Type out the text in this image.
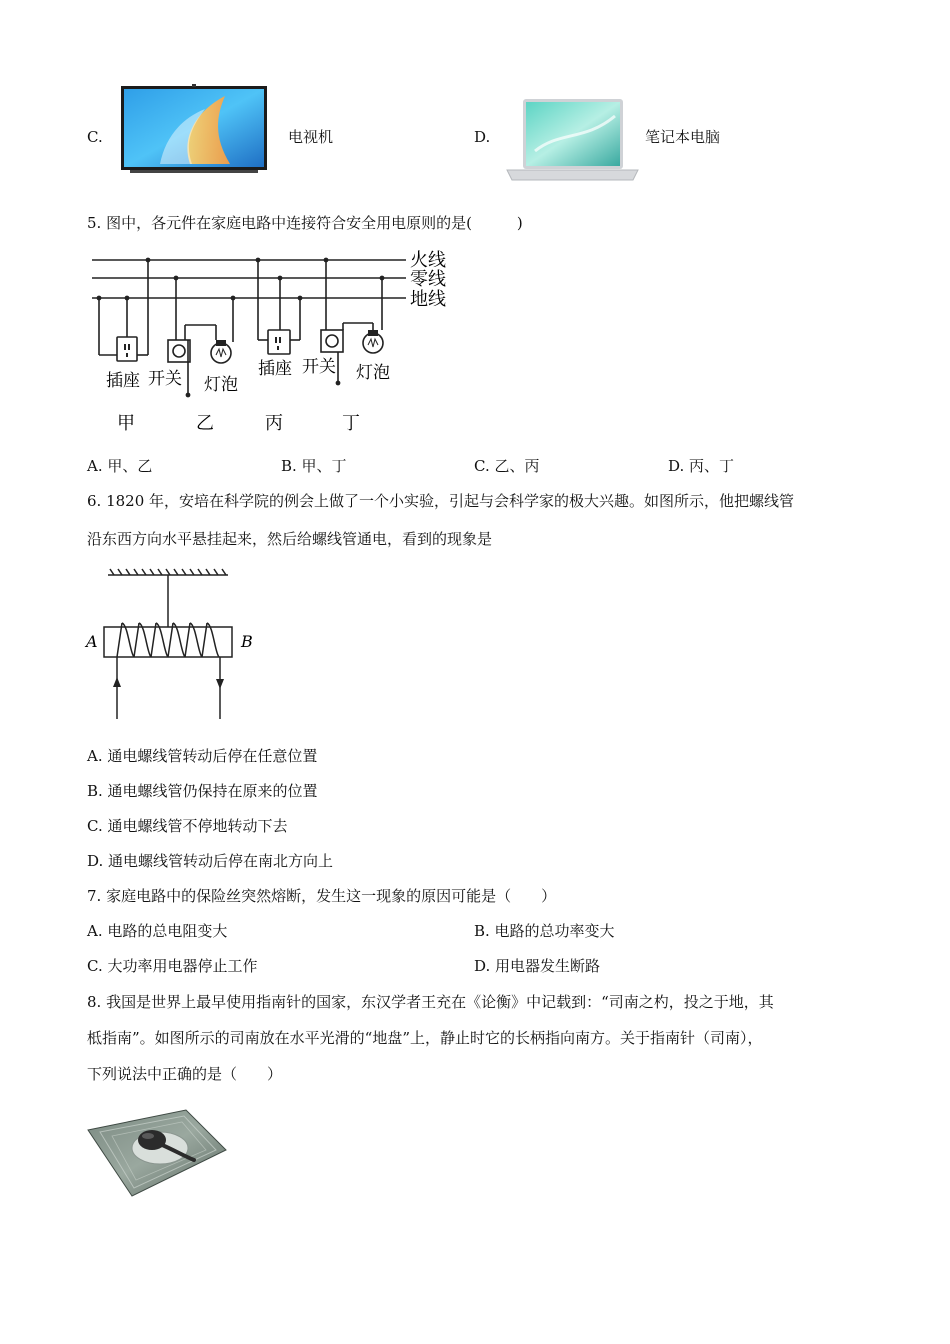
C.	电视机	D.	笔记本电脑
5. 图中，各元件在家庭电路中连接符合安全用电原则的是(　　　)
火线
零线
地线
插座 开关 灯泡
插座 开关 灯泡
甲	乙	丙	丁
A. 甲、乙	B. 甲、丁	C. 乙、丙	D. 丙、丁
6. 1820 年，安培在科学院的例会上做了一个小实验，引起与会科学家的极大兴趣。如图所示，他把螺线管
沿东西方向水平悬挂起来，然后给螺线管通电，看到的现象是
A	B
A. 通电螺线管转动后停在任意位置
B. 通电螺线管仍保持在原来的位置
C. 通电螺线管不停地转动下去
D. 通电螺线管转动后停在南北方向上
7. 家庭电路中的保险丝突然熔断，发生这一现象的原因可能是（　　）
A. 电路的总电阻变大	B. 电路的总功率变大
C. 大功率用电器停止工作	D. 用电器发生断路
8. 我国是世界上最早使用指南针的国家，东汉学者王充在《论衡》中记载到：“司南之杓，投之于地，其
柢指南”。如图所示的司南放在水平光滑的“地盘”上，静止时它的长柄指向南方。关于指南针（司南），
下列说法中正确的是（　　）
